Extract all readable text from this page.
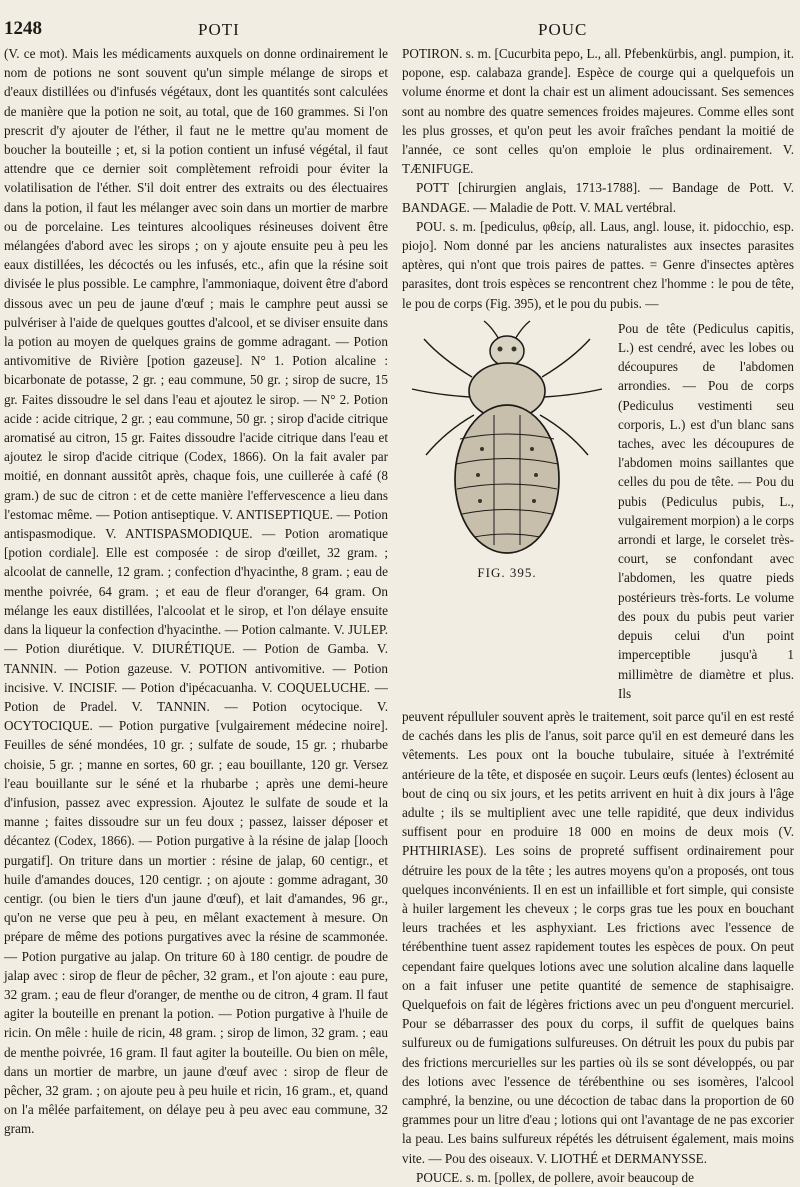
1248	POTI	POUC

(V. ce mot). Mais les médicaments auxquels on donne ordinairement le nom de potions ne sont souvent qu'un simple mélange de sirops et d'eaux distillées ou d'infusés végétaux, dont les quantités sont calculées de manière que la potion ne soit, au total, que de 160 grammes. Si l'on prescrit d'y ajouter de l'éther, il faut ne le mettre qu'au moment de boucher la bouteille ; et, si la potion contient un infusé végétal, il faut attendre que ce dernier soit complètement refroidi pour éviter la volatilisation de l'éther. S'il doit entrer des extraits ou des électuaires dans la potion, il faut les mélanger avec soin dans un mortier de marbre ou de porcelaine. Les teintures alcooliques résineuses doivent être mélangées d'abord avec les sirops ; on y ajoute ensuite peu à peu les eaux distillées, les décoctés ou les infusés, etc., afin que la résine soit divisée le plus possible. Le camphre, l'ammoniaque, doivent être d'abord dissous avec un peu de jaune d'œuf ; mais le camphre peut aussi se pulvériser à l'aide de quelques gouttes d'alcool, et se diviser ensuite dans la potion au moyen de quelques grains de gomme adragant. — Potion antivomitive de Rivière [potion gazeuse]. N° 1. Potion alcaline : bicarbonate de potasse, 2 gr. ; eau commune, 50 gr. ; sirop de sucre, 15 gr. Faites dissoudre le sel dans l'eau et ajoutez le sirop. — N° 2. Potion acide : acide citrique, 2 gr. ; eau commune, 50 gr. ; sirop d'acide citrique aromatisé au citron, 15 gr. Faites dissoudre l'acide citrique dans l'eau et ajoutez le sirop d'acide citrique (Codex, 1866). On la fait avaler par moitié, en donnant aussitôt après, chaque fois, une cuillerée à café (8 gram.) de suc de citron : et de cette manière l'effervescence a lieu dans l'estomac même. — Potion antiseptique. V. ANTISEPTIQUE. — Potion antispasmodique. V. ANTISPASMODIQUE. — Potion aromatique [potion cordiale]. Elle est composée : de sirop d'œillet, 32 gram. ; alcoolat de cannelle, 12 gram. ; confection d'hyacinthe, 8 gram. ; eau de menthe poivrée, 64 gram. ; et eau de fleur d'oranger, 64 gram. On mélange les eaux distillées, l'alcoolat et le sirop, et l'on délaye ensuite dans la liqueur la confection d'hyacinthe. — Potion calmante. V. JULEP. — Potion diurétique. V. DIURÉTIQUE. — Potion de Gamba. V. TANNIN. — Potion gazeuse. V. POTION antivomitive. — Potion incisive. V. INCISIF. — Potion d'ipécacuanha. V. COQUELUCHE. — Potion de Pradel. V. TANNIN. — Potion ocytocique. V. OCYTOCIQUE. — Potion purgative [vulgairement médecine noire]. Feuilles de séné mondées, 10 gr. ; sulfate de soude, 15 gr. ; rhubarbe choisie, 5 gr. ; manne en sortes, 60 gr. ; eau bouillante, 120 gr. Versez l'eau bouillante sur le séné et la rhubarbe ; après une demi-heure d'infusion, passez avec expression. Ajoutez le sulfate de soude et la manne ; faites dissoudre sur un feu doux ; passez, laisser déposer et décantez (Codex, 1866). — Potion purgative à la résine de jalap [looch purgatif]. On triture dans un mortier : résine de jalap, 60 centigr., et huile d'amandes douces, 120 centigr. ; on ajoute : gomme adragant, 30 centigr. (ou bien le tiers d'un jaune d'œuf), et lait d'amandes, 96 gr., qu'on ne verse que peu à peu, en mêlant exactement à mesure. On prépare de même des potions purgatives avec la résine de scammonée. — Potion purgative au jalap. On triture 60 à 180 centigr. de poudre de jalap avec : sirop de fleur de pêcher, 32 gram., et l'on ajoute : eau pure, 32 gram. ; eau de fleur d'oranger, de menthe ou de citron, 4 gram. Il faut agiter la bouteille en prenant la potion. — Potion purgative à l'huile de ricin. On mêle : huile de ricin, 48 gram. ; sirop de limon, 32 gram. ; eau de menthe poivrée, 16 gram. Il faut agiter la bouteille. Ou bien on mêle, dans un mortier de marbre, un jaune d'œuf avec : sirop de fleur de pêcher, 32 gram. ; on ajoute peu à peu huile et ricin, 16 gram., et, quand on l'a mêlée parfaitement, on délaye peu à peu avec eau commune, 32 gram.

POTIRON. s. m. [Cucurbita pepo, L., all. Pfebenkürbis, angl. pumpion, it. popone, esp. calabaza grande]. Espèce de courge qui a quelquefois un volume énorme et dont la chair est un aliment adoucissant. Ses semences sont au nombre des quatre semences froides majeures. Comme elles sont les plus grosses, et qu'on peut les avoir fraîches pendant la moitié de l'année, ce sont celles qu'on emploie le plus ordinairement. V. TÆNIFUGE.

POTT [chirurgien anglais, 1713-1788]. — Bandage de Pott. V. BANDAGE. — Maladie de Pott. V. MAL vertébral.

POU. s. m. [pediculus, φθείρ, all. Laus, angl. louse, it. pidocchio, esp. piojo]. Nom donné par les anciens naturalistes aux insectes parasites aptères, qui n'ont que trois paires de pattes. = Genre d'insectes aptères parasites, dont trois espèces se rencontrent chez l'homme : le pou de tête, le pou de corps (Fig. 395), et le pou du pubis. —

FIG. 395.
Pou de tête (Pediculus capitis, L.) est cendré, avec les lobes ou découpures de l'abdomen arrondies. — Pou de corps (Pediculus vestimenti seu corporis, L.) est d'un blanc sans taches, avec les découpures de l'abdomen moins saillantes que celles du pou de tête. — Pou du pubis (Pediculus pubis, L., vulgairement morpion) a le corps arrondi et large, le corselet très-court, se confondant avec l'abdomen, les quatre pieds postérieurs très-forts. Le volume des poux du pubis peut varier depuis celui d'un point imperceptible jusqu'à 1 millimètre de diamètre et plus. Ils

peuvent répulluler souvent après le traitement, soit parce qu'il en est resté de cachés dans les plis de l'anus, soit parce qu'il en est demeuré dans les vêtements. Les poux ont la bouche tubulaire, située à l'extrémité antérieure de la tête, et disposée en suçoir. Leurs œufs (lentes) éclosent au bout de cinq ou six jours, et les petits arrivent en huit à dix jours à l'âge adulte ; ils se multiplient avec une telle rapidité, que deux individus suffisent pour en produire 18 000 en moins de deux mois (V. PHTHIRIASE). Les soins de propreté suffisent ordinairement pour détruire les poux de la tête ; les autres moyens qu'on a proposés, ont tous quelques inconvénients. Il en est un infaillible et fort simple, qui consiste à huiler largement les cheveux ; le corps gras tue les poux en bouchant leurs trachées et les asphyxiant. Les frictions avec l'essence de térébenthine tuent assez rapidement toutes les espèces de poux. On peut cependant faire quelques lotions avec une solution alcaline dans laquelle on a fait infuser une petite quantité de semence de staphisaigre. Quelquefois on fait de légères frictions avec un peu d'onguent mercuriel. Pour se débarrasser des poux du corps, il suffit de quelques bains sulfureux ou de fumigations sulfureuses. On détruit les poux du pubis par des frictions mercurielles sur les parties où ils se sont développés, ou par des lotions avec l'essence de térébenthine ou ses isomères, l'alcool camphré, la benzine, ou une décoction de tabac dans la proportion de 60 grammes pour un litre d'eau ; lotions qui ont l'avantage de ne pas excorier la peau. Les bains sulfureux répétés les détruisent également, mais moins vite. — Pou des oiseaux. V. LIOTHÉ et DERMANYSSE.

POUCE. s. m. [pollex, de pollere, avoir beaucoup de
